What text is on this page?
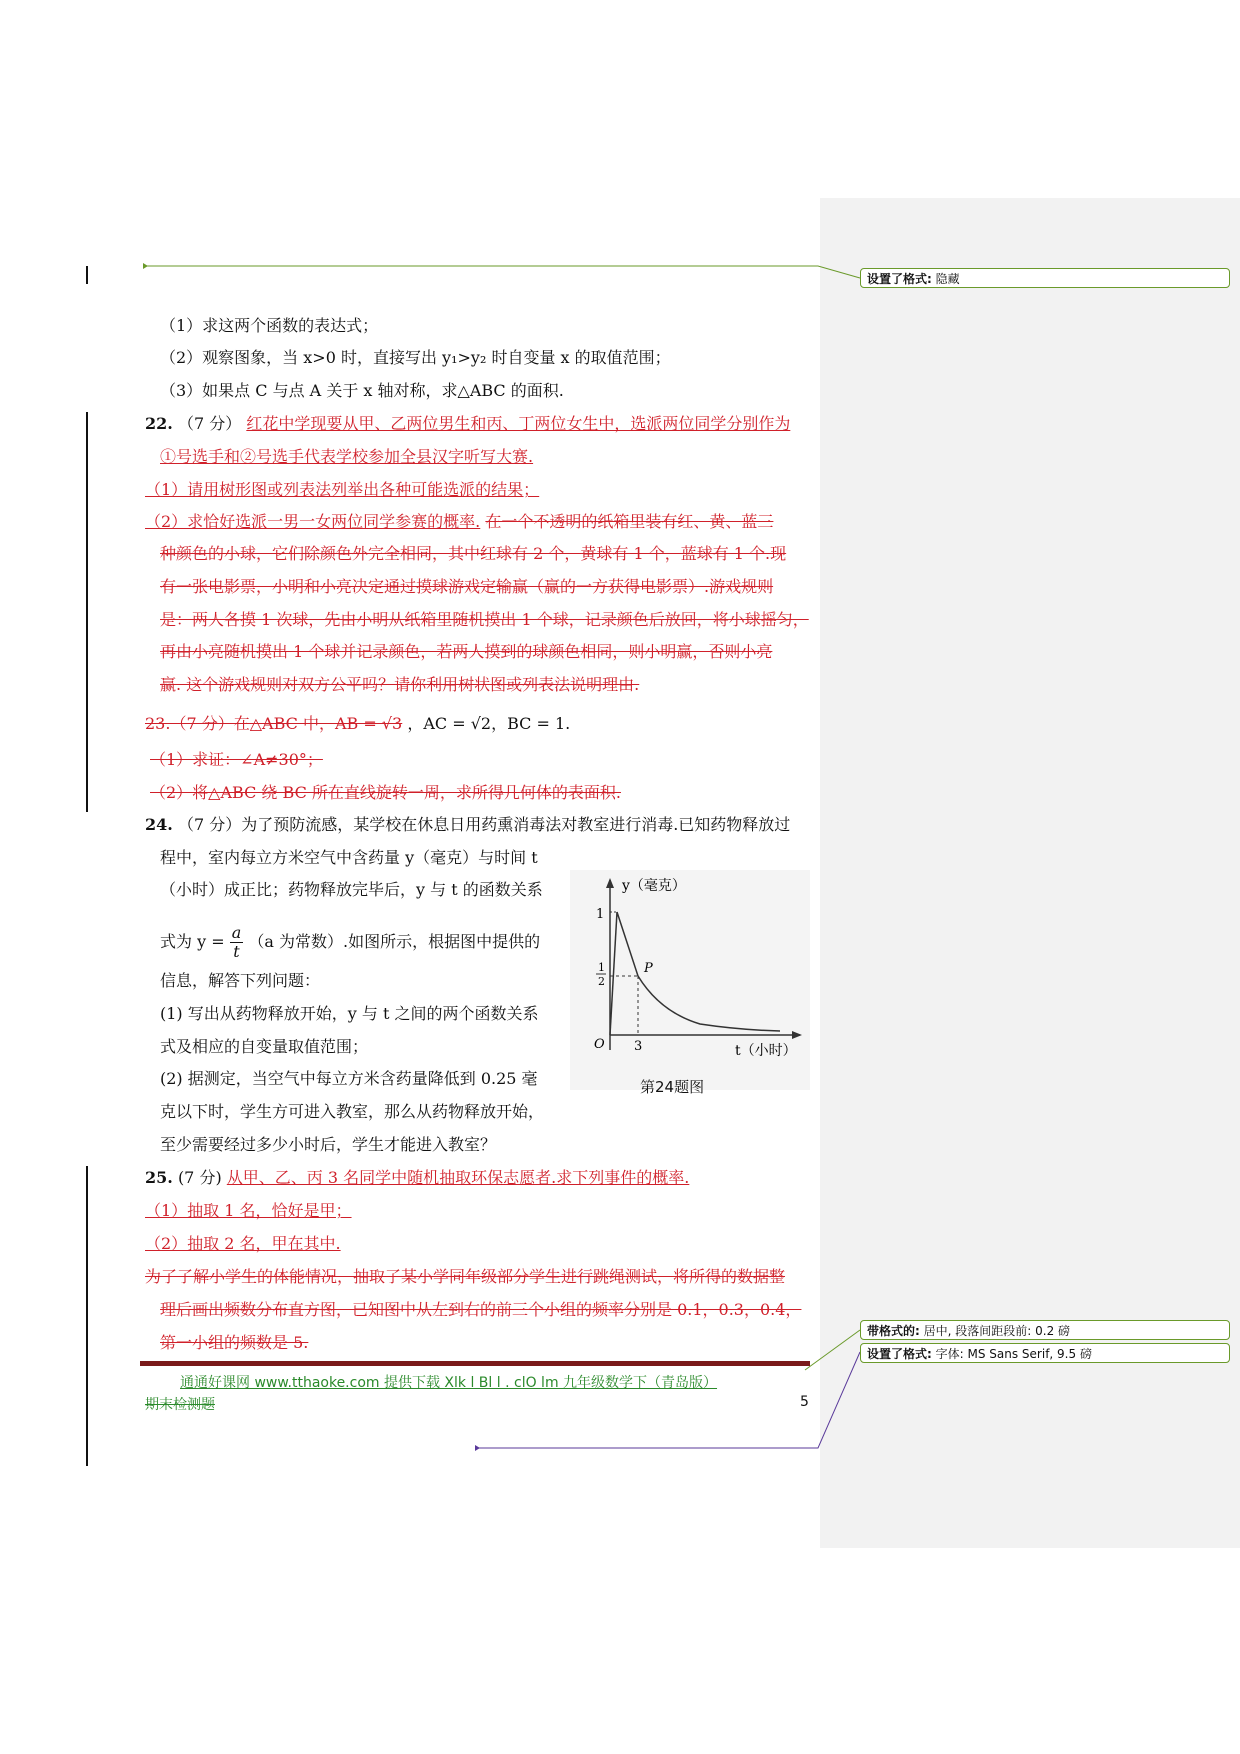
设置了格式: 隐藏
带格式的: 居中, 段落间距段前: 0.2 磅
设置了格式: 字体: MS Sans Serif, 9.5 磅
（1）求这两个函数的表达式；
（2）观察图象，当 x>0 时，直接写出 y₁>y₂ 时自变量 x 的取值范围；
（3）如果点 C 与点 A 关于 x 轴对称，求△ABC 的面积.
22. （7 分） 红花中学现要从甲、乙两位男生和丙、丁两位女生中，选派两位同学分别作为
①号选手和②号选手代表学校参加全县汉字听写大赛.
（1）请用树形图或列表法列举出各种可能选派的结果；
（2）求恰好选派一男一女两位同学参赛的概率. 在一个不透明的纸箱里装有红、黄、蓝三
种颜色的小球，它们除颜色外完全相同，其中红球有 2 个，黄球有 1 个，蓝球有 1 个.现
有一张电影票，小明和小亮决定通过摸球游戏定输赢（赢的一方获得电影票）.游戏规则
是：两人各摸 1 次球，先由小明从纸箱里随机摸出 1 个球，记录颜色后放回，将小球摇匀，
再由小亮随机摸出 1 个球并记录颜色，若两人摸到的球颜色相同，则小明赢，否则小亮
赢. 这个游戏规则对双方公平吗？请你利用树状图或列表法说明理由.
23.（7 分）在△ABC 中，AB = √3 ，AC = √2，BC = 1.
（1）求证：∠A≠30°；
（2）将△ABC 绕 BC 所在直线旋转一周，求所得几何体的表面积.
24. （7 分）为了预防流感，某学校在休息日用药熏消毒法对教室进行消毒.已知药物释放过
程中，室内每立方米空气中含药量 y（毫克）与时间 t
（小时）成正比；药物释放完毕后，y 与 t 的函数关系
式为 $y = \frac{a}{t} (a$ 为常数）.如图所示，根据图中提供的
信息，解答下列问题：
(1) 写出从药物释放开始，y 与 t 之间的两个函数关系
式及相应的自变量取值范围；
(2) 据测定，当空气中每立方米含药量降低到 0.25 毫
克以下时，学生方可进入教室，那么从药物释放开始，
至少需要经过多少小时后，学生才能进入教室？
y（毫克）
1
1
2
P
O 3	t（小时）
第24题图
25. (7 分) 从甲、乙、丙 3 名同学中随机抽取环保志愿者.求下列事件的概率.
（1）抽取 1 名，恰好是甲；
（2）抽取 2 名，甲在其中.
为了了解小学生的体能情况，抽取了某小学同年级部分学生进行跳绳测试，将所得的数据整
理后画出频数分布直方图，已知图中从左到右的前三个小组的频率分别是 0.1，0.3，0.4，
第一小组的频数是 5.
通通好课网 www.tthaoke.com 提供下载 Xlk l Bl l . clO lm 九年级数学下（青岛版）
期末检测题	5
